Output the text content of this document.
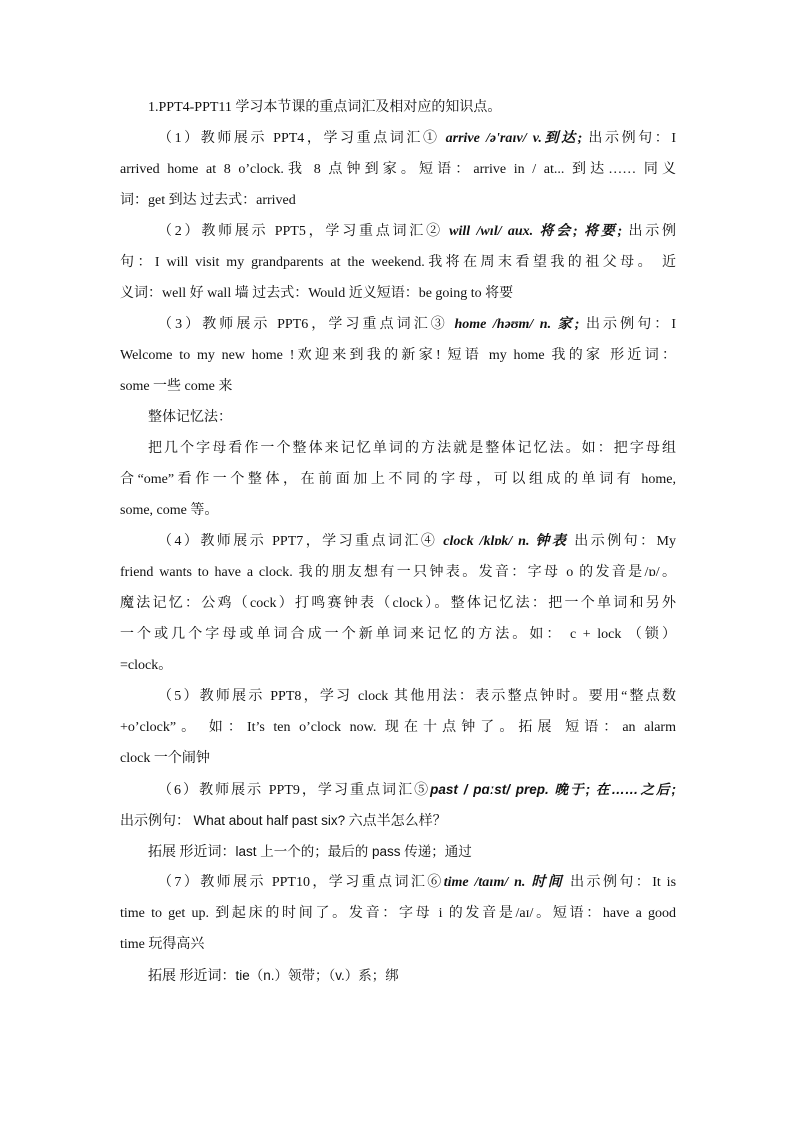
1.PPT4-PPT11 学习本节课的重点词汇及相对应的知识点。
（1）教师展示 PPT4，学习重点词汇① arrive /ə'raɪv/ v.到达; 出示例句：I
arrived home at 8 o’clock.我 8 点钟到家。短语：arrive in / at... 到达…… 同义
词：get 到达 过去式：arrived
（2）教师展示 PPT5，学习重点词汇② will /wɪl/ aux. 将会; 将要; 出示例
句：I will visit my grandparents at the weekend.我将在周末看望我的祖父母。 近
义词：well 好 wall 墙 过去式：Would 近义短语：be going to 将要
（3）教师展示 PPT6，学习重点词汇③ home /həʊm/ n. 家; 出示例句：I
Welcome to my new home !欢迎来到我的新家! 短语 my home 我的家 形近词：
some 一些 come 来
整体记忆法：
把几个字母看作一个整体来记忆单词的方法就是整体记忆法。如：把字母组
合“ome”看作一个整体，在前面加上不同的字母，可以组成的单词有 home,
some, come 等。
（4）教师展示 PPT7，学习重点词汇④ clock /klɒk/ n. 钟表 出示例句：My
friend wants to have a clock. 我的朋友想有一只钟表。发音：字母 o 的发音是/ɒ/。
魔法记忆：公鸡（cock）打鸣赛钟表（clock）。整体记忆法：把一个单词和另外
一个或几个字母或单词合成一个新单词来记忆的方法。如： c + lock （锁）
=clock。
（5）教师展示 PPT8，学习 clock 其他用法：表示整点钟时。要用“整点数
+o’clock”。 如：It’s ten o’clock now. 现在十点钟了。拓展 短语：an alarm
clock 一个闹钟
（6）教师展示 PPT9，学习重点词汇⑤past / pɑːst/ prep. 晚于; 在……之后;
出示例句： What about half past six? 六点半怎么样？
拓展 形近词：last 上一个的；最后的 pass 传递；通过
（7）教师展示 PPT10，学习重点词汇⑥time /taɪm/ n. 时间 出示例句：It is
time to get up. 到起床的时间了。发音：字母 i 的发音是/aɪ/。短语：have a good
time 玩得高兴
拓展 形近词：tie（n.）领带；（v.）系；绑
